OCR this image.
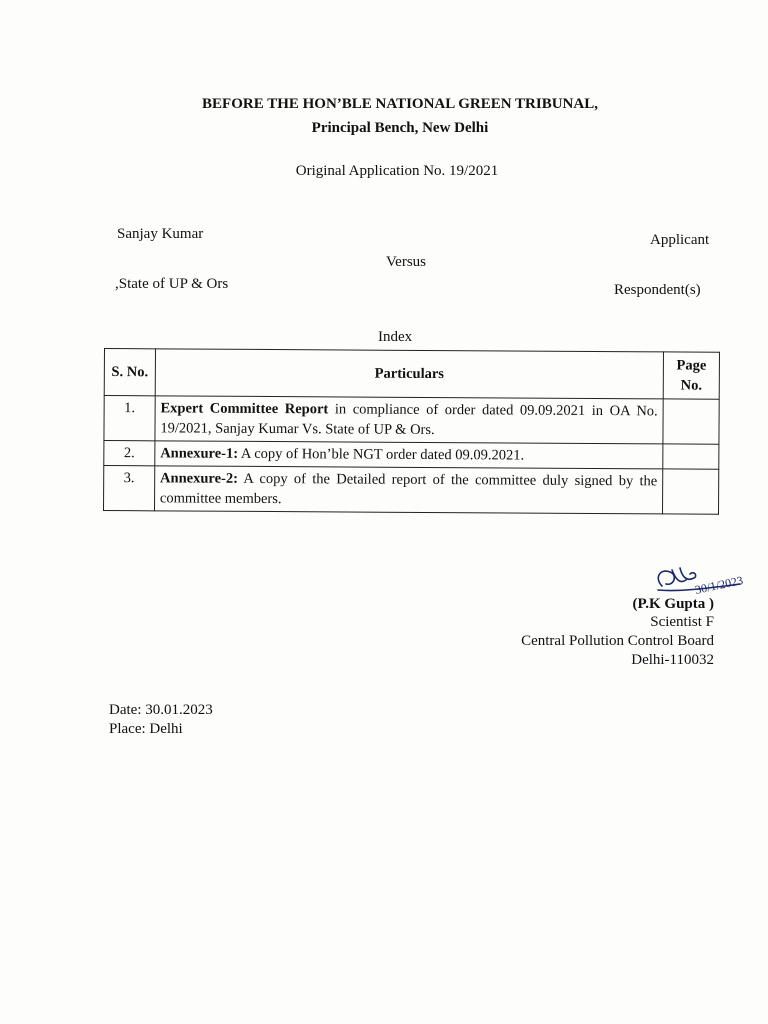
BEFORE THE HON’BLE NATIONAL GREEN TRIBUNAL,
Principal Bench, New Delhi
Original Application No. 19/2021
Sanjay Kumar	Applicant
Versus
,State of UP & Ors	Respondent(s)
Index
S. No.	Particulars	Page No.
1.	Expert Committee Report in compliance of order dated 09.09.2021 in OA No. 19/2021, Sanjay Kumar Vs. State of UP & Ors.	
2.	Annexure-1: A copy of Hon’ble NGT order dated 09.09.2021.	
3.	Annexure-2: A copy of the Detailed report of the committee duly signed by the committee members.	
30/1/2023
(P.K Gupta )
Scientist F
Central Pollution Control Board
Delhi-110032
Date: 30.01.2023
Place: Delhi
